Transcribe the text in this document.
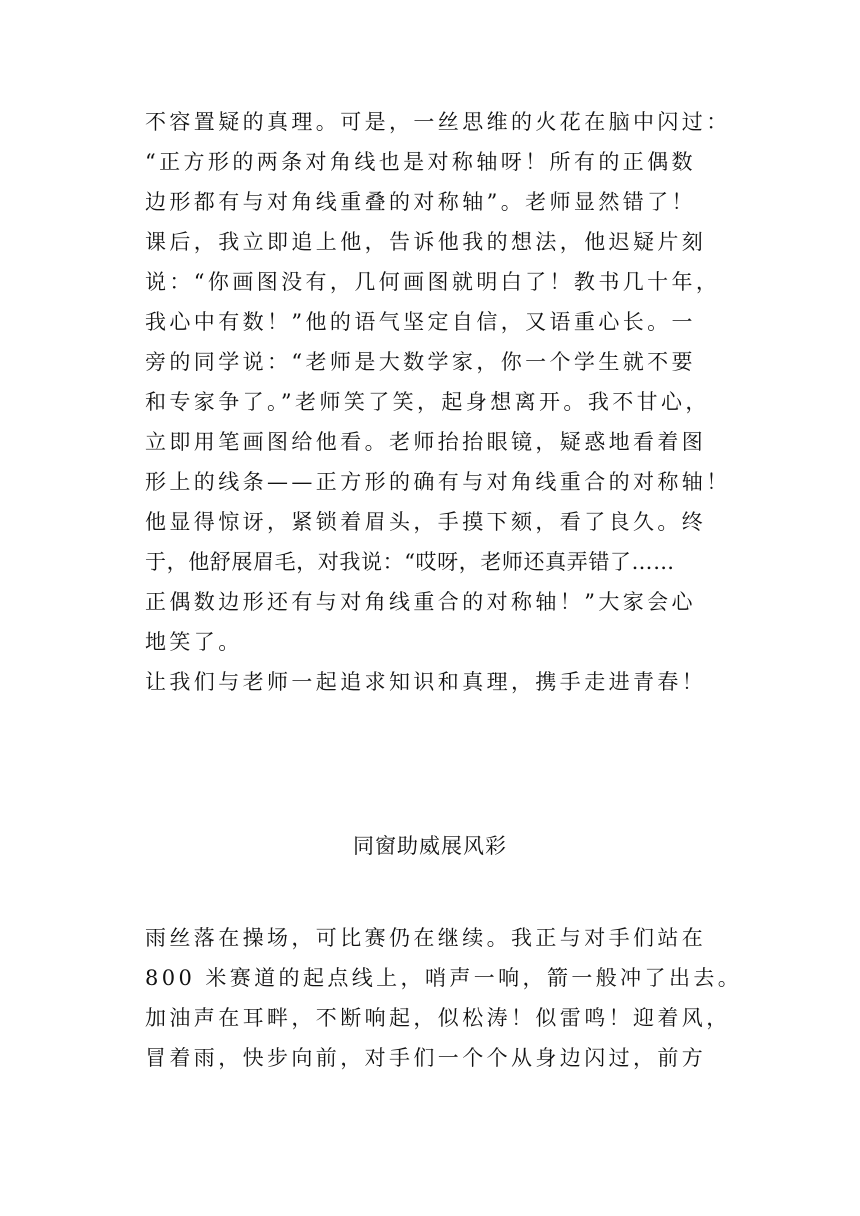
不容置疑的真理。可是，一丝思维的火花在脑中闪过：
“正方形的两条对角线也是对称轴呀！所有的正偶数
边形都有与对角线重叠的对称轴”。老师显然错了！
课后，我立即追上他，告诉他我的想法，他迟疑片刻
说：“你画图没有，几何画图就明白了！教书几十年，
我心中有数！”他的语气坚定自信，又语重心长。一
旁的同学说：“老师是大数学家，你一个学生就不要
和专家争了。”老师笑了笑，起身想离开。我不甘心，
立即用笔画图给他看。老师抬抬眼镜，疑惑地看着图
形上的线条——正方形的确有与对角线重合的对称轴！
他显得惊讶，紧锁着眉头，手摸下颏，看了良久。终
于，他舒展眉毛，对我说：“哎呀，老师还真弄错了……
正偶数边形还有与对角线重合的对称轴！”大家会心
地笑了。
让我们与老师一起追求知识和真理，携手走进青春！
同窗助威展风彩
雨丝落在操场，可比赛仍在继续。我正与对手们站在
800 米赛道的起点线上，哨声一响，箭一般冲了出去。
加油声在耳畔，不断响起，似松涛！似雷鸣！迎着风，
冒着雨，快步向前，对手们一个个从身边闪过，前方
